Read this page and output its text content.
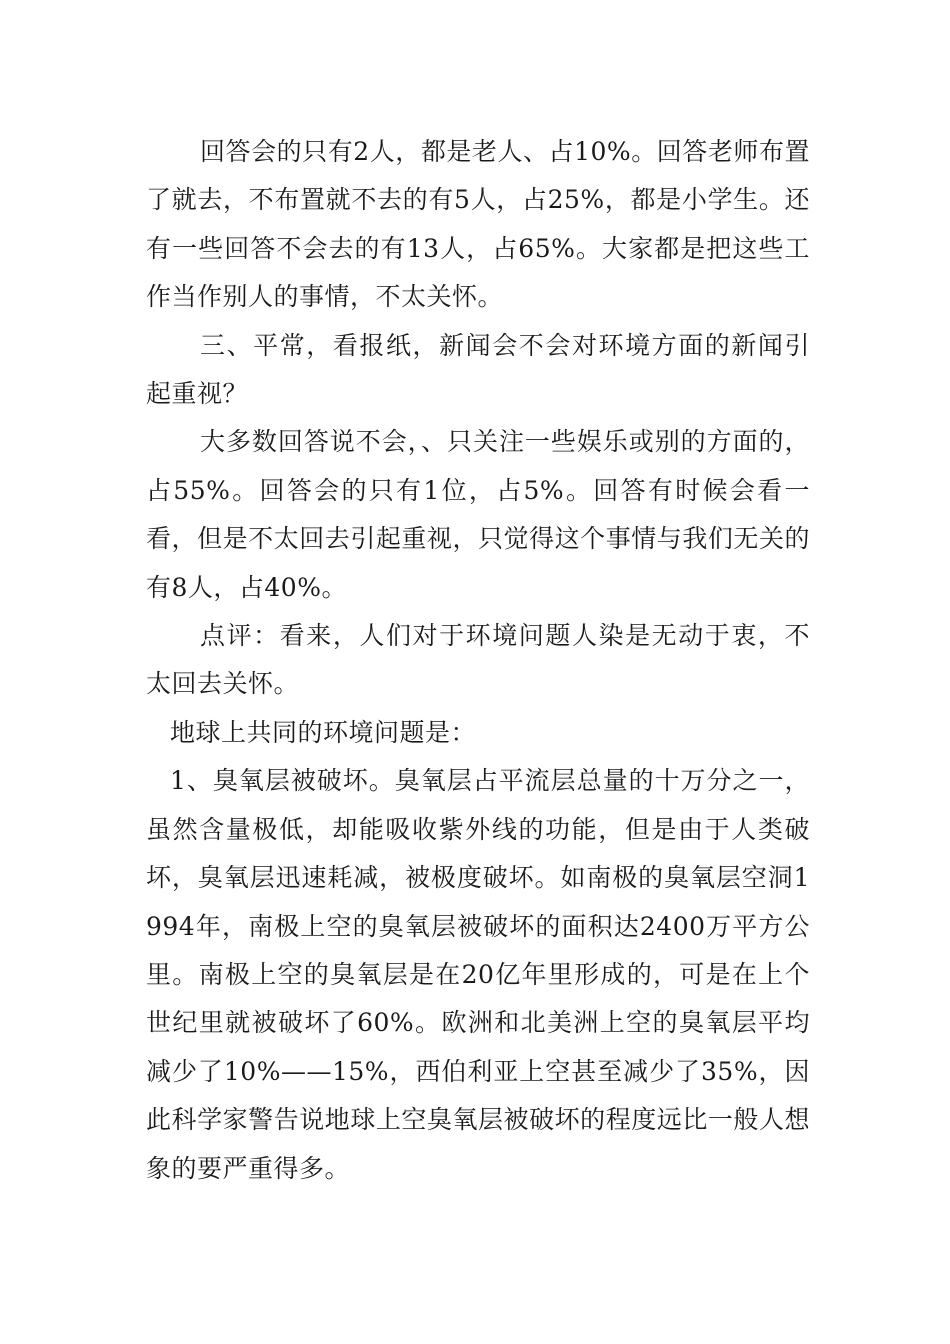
回答会的只有2人，都是老人、占10%。回答老师布置了就去，不布置就不去的有5人，占25%，都是小学生。还有一些回答不会去的有13人，占65%。大家都是把这些工作当作别人的事情，不太关怀。

三、平常，看报纸，新闻会不会对环境方面的新闻引起重视？

大多数回答说不会，、只关注一些娱乐或别的方面的，占55%。回答会的只有1位，占5%。回答有时候会看一看，但是不太回去引起重视，只觉得这个事情与我们无关的有8人，占40%。

点评：看来，人们对于环境问题人染是无动于衷，不太回去关怀。

地球上共同的环境问题是：

1、臭氧层被破坏。臭氧层占平流层总量的十万分之一，虽然含量极低，却能吸收紫外线的功能，但是由于人类破坏，臭氧层迅速耗减，被极度破坏。如南极的臭氧层空洞1994年，南极上空的臭氧层被破坏的面积达2400万平方公里。南极上空的臭氧层是在20亿年里形成的，可是在上个世纪里就被破坏了60%。欧洲和北美洲上空的臭氧层平均减少了10%——15%，西伯利亚上空甚至减少了35%，因此科学家警告说地球上空臭氧层被破坏的程度远比一般人想象的要严重得多。
